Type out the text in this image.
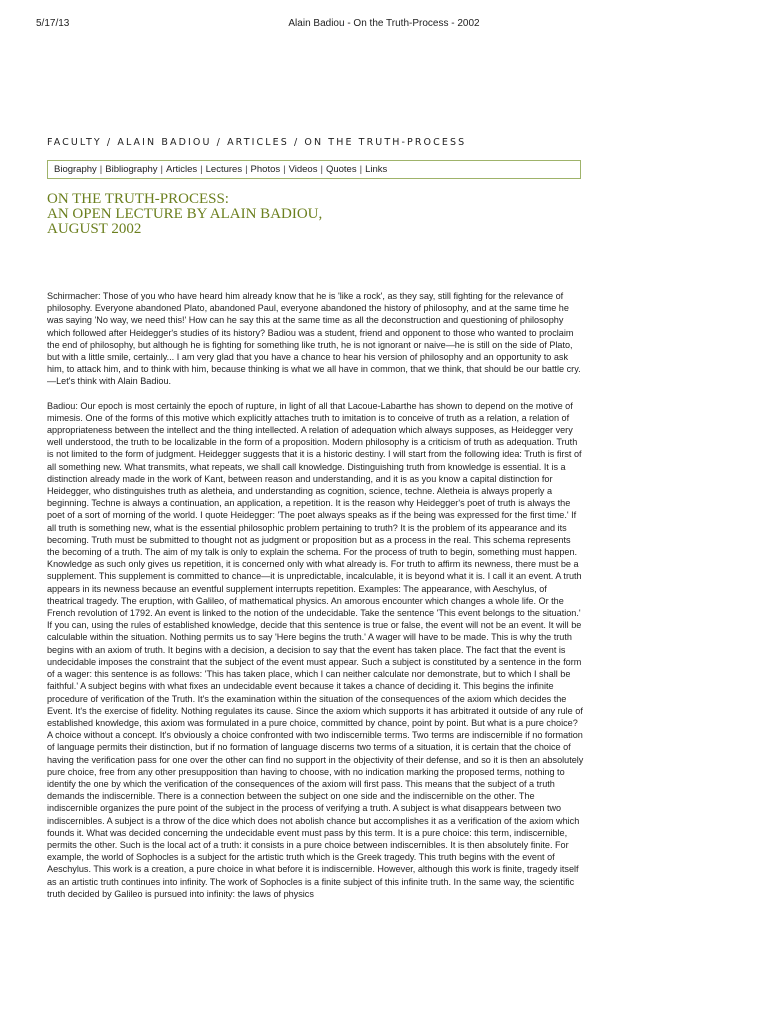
5/17/13	Alain Badiou - On the Truth-Process - 2002
FACULTY / ALAIN BADIOU / ARTICLES / ON THE TRUTH-PROCESS
Biography | Bibliography | Articles | Lectures | Photos | Videos | Quotes | Links
ON THE TRUTH-PROCESS:
AN OPEN LECTURE BY ALAIN BADIOU,
AUGUST 2002

Schirmacher: Those of you who have heard him already know that he is 'like a rock', as they say, still fighting for the relevance of philosophy. Everyone abandoned Plato, abandoned Paul, everyone abandoned the history of philosophy, and at the same time he was saying 'No way, we need this!' How can he say this at the same time as all the deconstruction and questioning of philosophy which followed after Heidegger's studies of its history? Badiou was a student, friend and opponent to those who wanted to proclaim the end of philosophy, but although he is fighting for something like truth, he is not ignorant or naive—he is still on the side of Plato, but with a little smile, certainly... I am very glad that you have a chance to hear his version of philosophy and an opportunity to ask him, to attack him, and to think with him, because thinking is what we all have in common, that we think, that should be our battle cry.—Let's think with Alain Badiou.

Badiou: Our epoch is most certainly the epoch of rupture, in light of all that Lacoue-Labarthe has shown to depend on the motive of mimesis. One of the forms of this motive which explicitly attaches truth to imitation is to conceive of truth as a relation, a relation of appropriateness between the intellect and the thing intellected. A relation of adequation which always supposes, as Heidegger very well understood, the truth to be localizable in the form of a proposition. Modern philosophy is a criticism of truth as adequation. Truth is not limited to the form of judgment. Heidegger suggests that it is a historic destiny. I will start from the following idea: Truth is first of all something new. What transmits, what repeats, we shall call knowledge. Distinguishing truth from knowledge is essential. It is a distinction already made in the work of Kant, between reason and understanding, and it is as you know a capital distinction for Heidegger, who distinguishes truth as aletheia, and understanding as cognition, science, techne. Aletheia is always properly a beginning. Techne is always a continuation, an application, a repetition. It is the reason why Heidegger's poet of truth is always the poet of a sort of morning of the world. I quote Heidegger: 'The poet always speaks as if the being was expressed for the first time.' If all truth is something new, what is the essential philosophic problem pertaining to truth? It is the problem of its appearance and its becoming. Truth must be submitted to thought not as judgment or proposition but as a process in the real. This schema represents the becoming of a truth. The aim of my talk is only to explain the schema. For the process of truth to begin, something must happen. Knowledge as such only gives us repetition, it is concerned only with what already is. For truth to affirm its newness, there must be a supplement. This supplement is committed to chance—it is unpredictable, incalculable, it is beyond what it is. I call it an event. A truth appears in its newness because an eventful supplement interrupts repetition. Examples: The appearance, with Aeschylus, of theatrical tragedy. The eruption, with Galileo, of mathematical physics. An amorous encounter which changes a whole life. Or the French revolution of 1792. An event is linked to the notion of the undecidable. Take the sentence 'This event belongs to the situation.' If you can, using the rules of established knowledge, decide that this sentence is true or false, the event will not be an event. It will be calculable within the situation. Nothing permits us to say 'Here begins the truth.' A wager will have to be made. This is why the truth begins with an axiom of truth. It begins with a decision, a decision to say that the event has taken place. The fact that the event is undecidable imposes the constraint that the subject of the event must appear. Such a subject is constituted by a sentence in the form of a wager: this sentence is as follows: 'This has taken place, which I can neither calculate nor demonstrate, but to which I shall be faithful.' A subject begins with what fixes an undecidable event because it takes a chance of deciding it. This begins the infinite procedure of verification of the Truth. It's the examination within the situation of the consequences of the axiom which decides the Event. It's the exercise of fidelity. Nothing regulates its cause. Since the axiom which supports it has arbitrated it outside of any rule of established knowledge, this axiom was formulated in a pure choice, committed by chance, point by point. But what is a pure choice? A choice without a concept. It's obviously a choice confronted with two indiscernible terms. Two terms are indiscernible if no formation of language permits their distinction, but if no formation of language discerns two terms of a situation, it is certain that the choice of having the verification pass for one over the other can find no support in the objectivity of their defense, and so it is then an absolutely pure choice, free from any other presupposition than having to choose, with no indication marking the proposed terms, nothing to identify the one by which the verification of the consequences of the axiom will first pass. This means that the subject of a truth demands the indiscernible. There is a connection between the subject on one side and the indiscernible on the other. The indiscernible organizes the pure point of the subject in the process of verifying a truth. A subject is what disappears between two indiscernibles. A subject is a throw of the dice which does not abolish chance but accomplishes it as a verification of the axiom which founds it. What was decided concerning the undecidable event must pass by this term. It is a pure choice: this term, indiscernible, permits the other. Such is the local act of a truth: it consists in a pure choice between indiscernibles. It is then absolutely finite. For example, the world of Sophocles is a subject for the artistic truth which is the Greek tragedy. This truth begins with the event of Aeschylus. This work is a creation, a pure choice in what before it is indiscernible. However, although this work is finite, tragedy itself as an artistic truth continues into infinity. The work of Sophocles is a finite subject of this infinite truth. In the same way, the scientific truth decided by Galileo is pursued into infinity: the laws of physics
